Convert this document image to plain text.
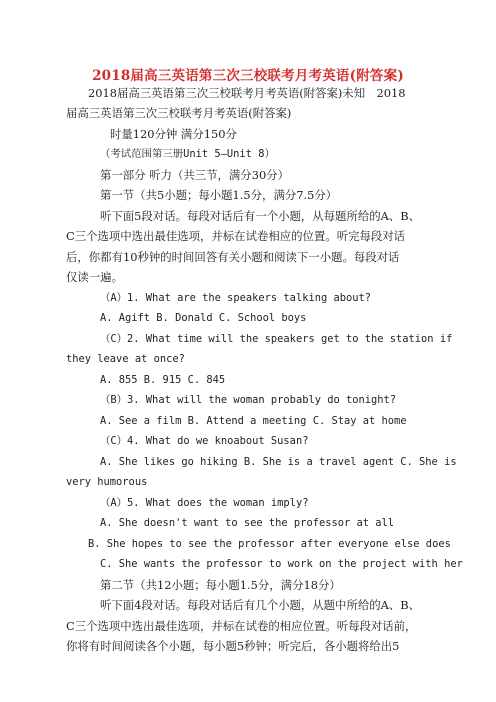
2018届高三英语第三次三校联考月考英语(附答案)
2018届高三英语第三次三校联考月考英语(附答案)未知　2018
届高三英语第三次三校联考月考英语(附答案)
时量120分钟 满分150分
（考试范围第三册Unit 5—Unit 8）
第一部分 听力（共三节，满分30分）
第一节（共5小题；每小题1.5分，满分7.5分）
听下面5段对话。每段对话后有一个小题，从每题所给的A、B、
C三个选项中选出最佳选项，并标在试卷相应的位置。听完每段对话
后，你都有10秒钟的时间回答有关小题和阅读下一小题。每段对话
仅读一遍。
（A）1. What are the speakers talking about?
A. Agift B. Donald C. School boys
（C）2. What time will the speakers get to the station if
they leave at once?
A. 855 B. 915 C. 845
（B）3. What will the woman probably do tonight?
A. See a film B. Attend a meeting C. Stay at home
（C）4. What do we knoabout Susan?
A. She likes go hiking B. She is a travel agent C. She is
very humorous
（A）5. What does the woman imply?
A. She doesn't want to see the professor at all
B. She hopes to see the professor after everyone else does
C. She wants the professor to work on the project with her
第二节（共12小题；每小题1.5分，满分18分）
听下面4段对话。每段对话后有几个小题，从题中所给的A、B、
C三个选项中选出最佳选项，并标在试卷的相应位置。听每段对话前，
你将有时间阅读各个小题，每小题5秒钟；听完后，各小题将给出5
